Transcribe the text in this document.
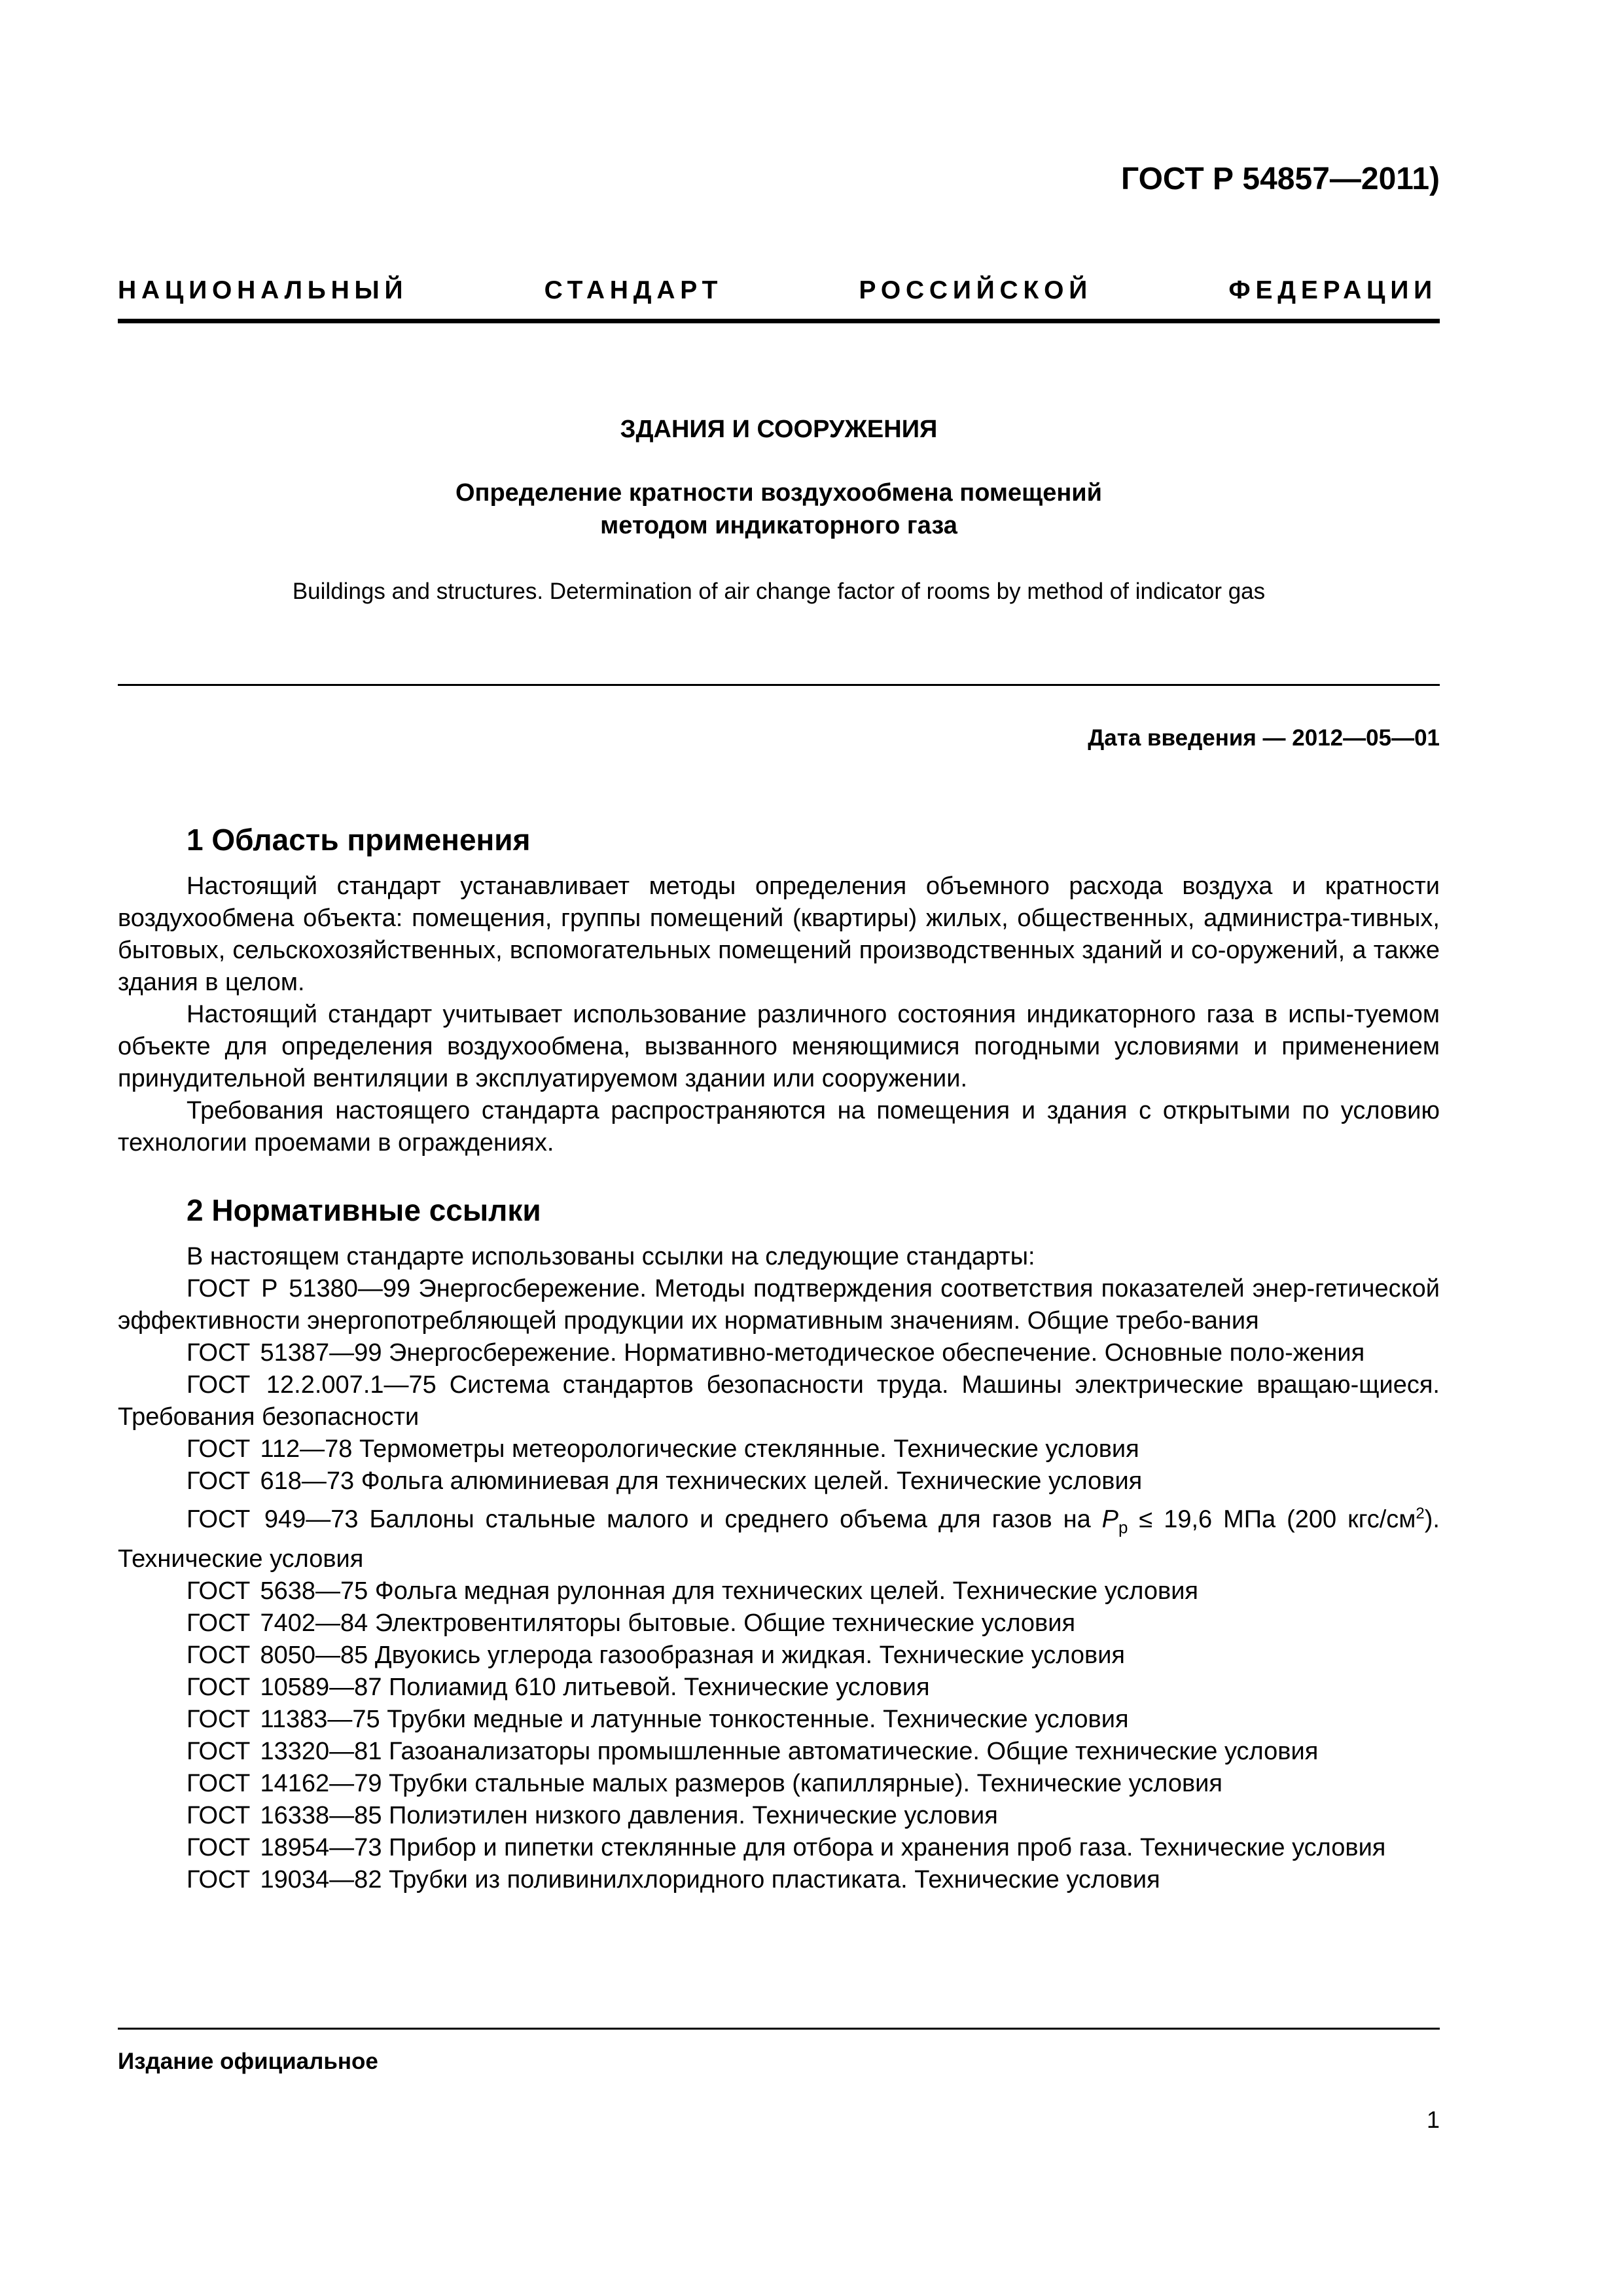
ГОСТ Р 54857—2011)
НАЦИОНАЛЬНЫЙ	СТАНДАРТ	РОССИЙСКОЙ	ФЕДЕРАЦИИ
ЗДАНИЯ И СООРУЖЕНИЯ
Определение кратности воздухообмена помещений
методом индикаторного газа
Buildings and structures. Determination of air change factor of rooms by method of indicator gas
Дата введения — 2012—05—01
1 Область применения

Настоящий стандарт устанавливает методы определения объемного расхода воздуха и кратности воздухообмена объекта: помещения, группы помещений (квартиры) жилых, общественных, администра-тивных, бытовых, сельскохозяйственных, вспомогательных помещений производственных зданий и со-оружений, а также здания в целом.

Настоящий стандарт учитывает использование различного состояния индикаторного газа в испы-туемом объекте для определения воздухообмена, вызванного меняющимися погодными условиями и применением принудительной вентиляции в эксплуатируемом здании или сооружении.

Требования настоящего стандарта распространяются на помещения и здания с открытыми по условию технологии проемами в ограждениях.

2 Нормативные ссылки

В настоящем стандарте использованы ссылки на следующие стандарты:

ГОСТ Р 51380—99 Энергосбережение. Методы подтверждения соответствия показателей энер-гетической эффективности энергопотребляющей продукции их нормативным значениям. Общие требо-вания

ГОСТ 51387—99 Энергосбережение. Нормативно-методическое обеспечение. Основные поло-жения

ГОСТ 12.2.007.1—75 Система стандартов безопасности труда. Машины электрические вращаю-щиеся. Требования безопасности

ГОСТ 112—78 Термометры метеорологические стеклянные. Технические условия

ГОСТ 618—73 Фольга алюминиевая для технических целей. Технические условия

ГОСТ 949—73 Баллоны стальные малого и среднего объема для газов на $P_р \le 19,6$ МПа (200 кгс/$см^2$). Технические условия

ГОСТ 5638—75 Фольга медная рулонная для технических целей. Технические условия

ГОСТ 7402—84 Электровентиляторы бытовые. Общие технические условия

ГОСТ 8050—85 Двуокись углерода газообразная и жидкая. Технические условия

ГОСТ 10589—87 Полиамид 610 литьевой. Технические условия

ГОСТ 11383—75 Трубки медные и латунные тонкостенные. Технические условия

ГОСТ 13320—81 Газоанализаторы промышленные автоматические. Общие технические условия

ГОСТ 14162—79 Трубки стальные малых размеров (капиллярные). Технические условия

ГОСТ 16338—85 Полиэтилен низкого давления. Технические условия

ГОСТ 18954—73 Прибор и пипетки стеклянные для отбора и хранения проб газа. Технические условия

ГОСТ 19034—82 Трубки из поливинилхлоридного пластиката. Технические условия

Издание официальное
1
